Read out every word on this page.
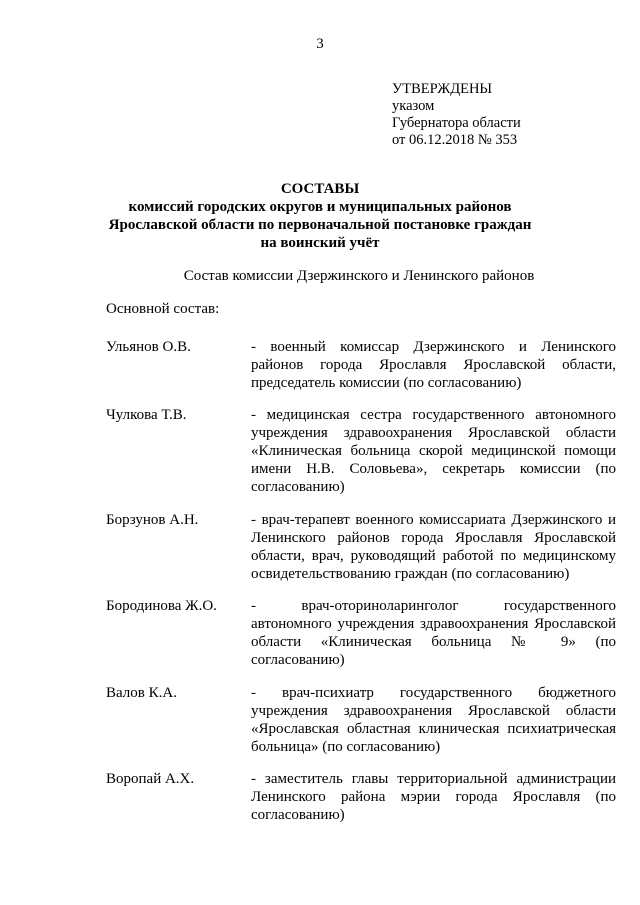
3
УТВЕРЖДЕНЫ
указом
Губернатора области
от 06.12.2018 № 353
СОСТАВЫ
комиссий городских округов и муниципальных районов
Ярославской области по первоначальной постановке граждан
на воинский учёт
Состав комиссии Дзержинского и Ленинского районов
Основной состав:
Ульянов О.В.	- военный комиссар Дзержинского и Ленинского районов города Ярославля Ярославской области, председатель комиссии (по согласованию)
Чулкова Т.В.	- медицинская сестра государственного автономного учреждения здравоохранения Ярославской области «Клиническая больница скорой медицинской помощи имени Н.В. Соловьева», секретарь комиссии (по согласованию)
Борзунов А.Н.	- врач-терапевт военного комиссариата Дзержинского и Ленинского районов города Ярославля Ярославской области, врач, руководящий работой по медицинскому освидетельствованию граждан (по согласованию)
Бородинова Ж.О. - врач-оториноларинголог государственного автономного учреждения здравоохранения Ярославской области «Клиническая больница № 9» (по согласованию)
Валов К.А.	- врач-психиатр государственного бюджетного учреждения здравоохранения Ярославской области «Ярославская областная клиническая психиатрическая больница» (по согласованию)
Воропай А.Х.	- заместитель главы территориальной администрации Ленинского района мэрии города Ярославля (по согласованию)
